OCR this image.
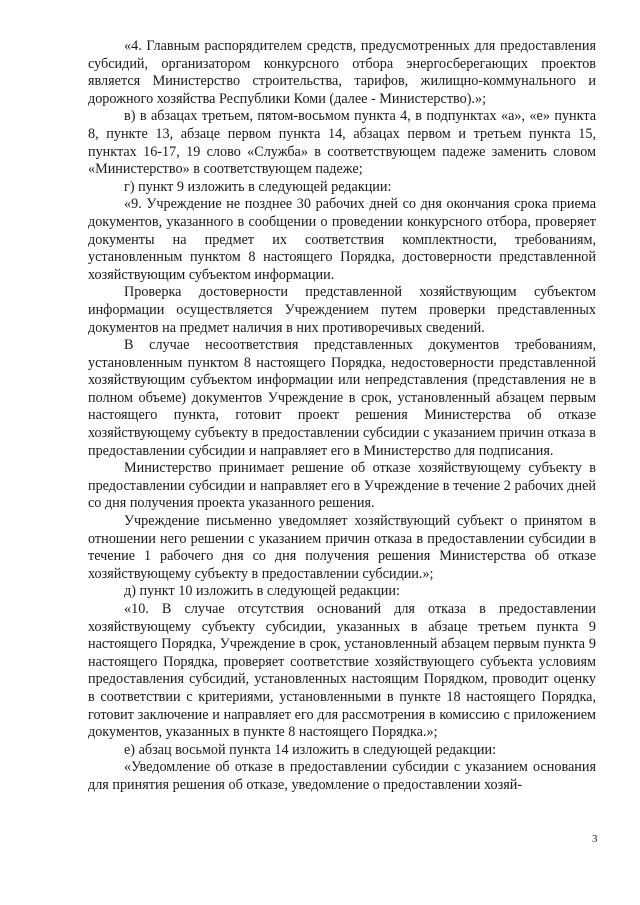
«4. Главным распорядителем средств, предусмотренных для предоставления субсидий, организатором конкурсного отбора энергосберегающих проектов является Министерство строительства, тарифов, жилищно-коммунального и дорожного хозяйства Республики Коми (далее - Министерство).»;

в) в абзацах третьем, пятом-восьмом пункта 4, в подпунктах «а», «е» пункта 8, пункте 13, абзаце первом пункта 14, абзацах первом и третьем пункта 15, пунктах 16-17, 19 слово «Служба» в соответствующем падеже заменить словом «Министерство» в соответствующем падеже;

г) пункт 9 изложить в следующей редакции:

«9. Учреждение не позднее 30 рабочих дней со дня окончания срока приема документов, указанного в сообщении о проведении конкурсного отбора, проверяет документы на предмет их соответствия комплектности, требованиям, установленным пунктом 8 настоящего Порядка, достоверности представленной хозяйствующим субъектом информации.

Проверка достоверности представленной хозяйствующим субъектом информации осуществляется Учреждением путем проверки представленных документов на предмет наличия в них противоречивых сведений.

В случае несоответствия представленных документов требованиям, установленным пунктом 8 настоящего Порядка, недостоверности представленной хозяйствующим субъектом информации или непредставления (представления не в полном объеме) документов Учреждение в срок, установленный абзацем первым настоящего пункта, готовит проект решения Министерства об отказе хозяйствующему субъекту в предоставлении субсидии с указанием причин отказа в предоставлении субсидии и направляет его в Министерство для подписания.

Министерство принимает решение об отказе хозяйствующему субъекту в предоставлении субсидии и направляет его в Учреждение в течение 2 рабочих дней со дня получения проекта указанного решения.

Учреждение письменно уведомляет хозяйствующий субъект о принятом в отношении него решении с указанием причин отказа в предоставлении субсидии в течение 1 рабочего дня со дня получения решения Министерства об отказе хозяйствующему субъекту в предоставлении субсидии.»;

д) пункт 10 изложить в следующей редакции:

«10. В случае отсутствия оснований для отказа в предоставлении хозяйствующему субъекту субсидии, указанных в абзаце третьем пункта 9 настоящего Порядка, Учреждение в срок, установленный абзацем первым пункта 9 настоящего Порядка, проверяет соответствие хозяйствующего субъекта условиям предоставления субсидий, установленных настоящим Порядком, проводит оценку в соответствии с критериями, установленными в пункте 18 настоящего Порядка, готовит заключение и направляет его для рассмотрения в комиссию с приложением документов, указанных в пункте 8 настоящего Порядка.»;

е) абзац восьмой пункта 14 изложить в следующей редакции:

«Уведомление об отказе в предоставлении субсидии с указанием основания для принятия решения об отказе, уведомление о предоставлении хозяй-

3
